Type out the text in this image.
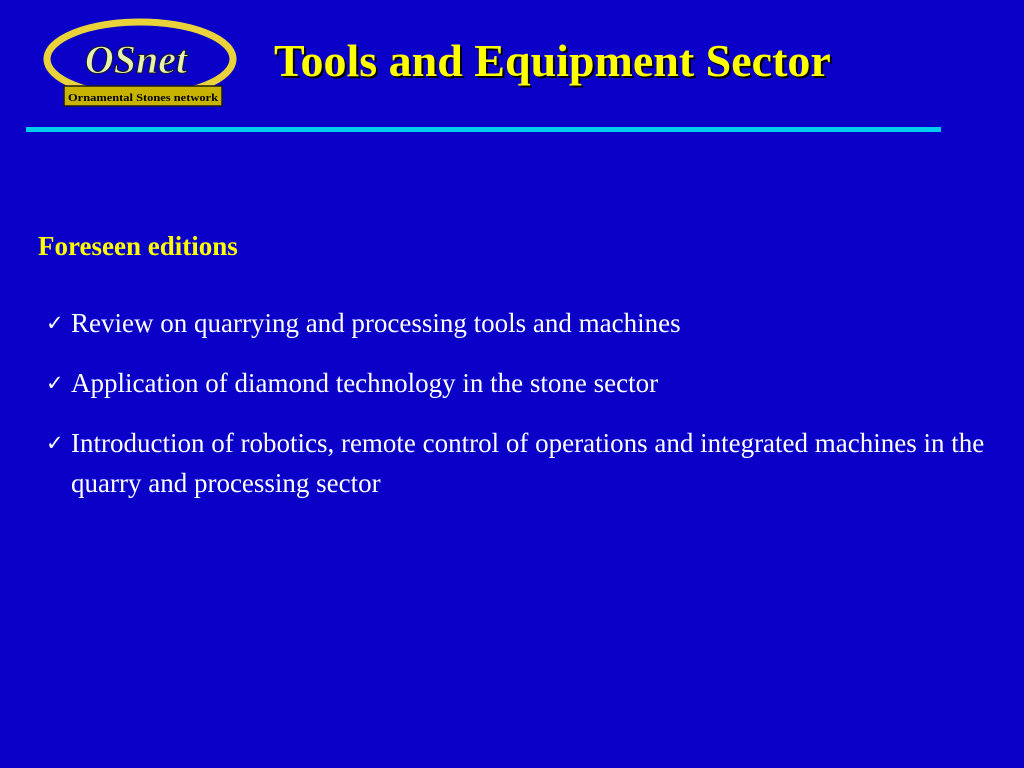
OSnet
Ornamental Stones network
Tools and Equipment Sector
Foreseen editions
✓ Review on quarrying and processing tools and machines
✓ Application of diamond technology in the stone sector
✓ Introduction of robotics, remote control of operations and integrated machines in the quarry and processing sector
